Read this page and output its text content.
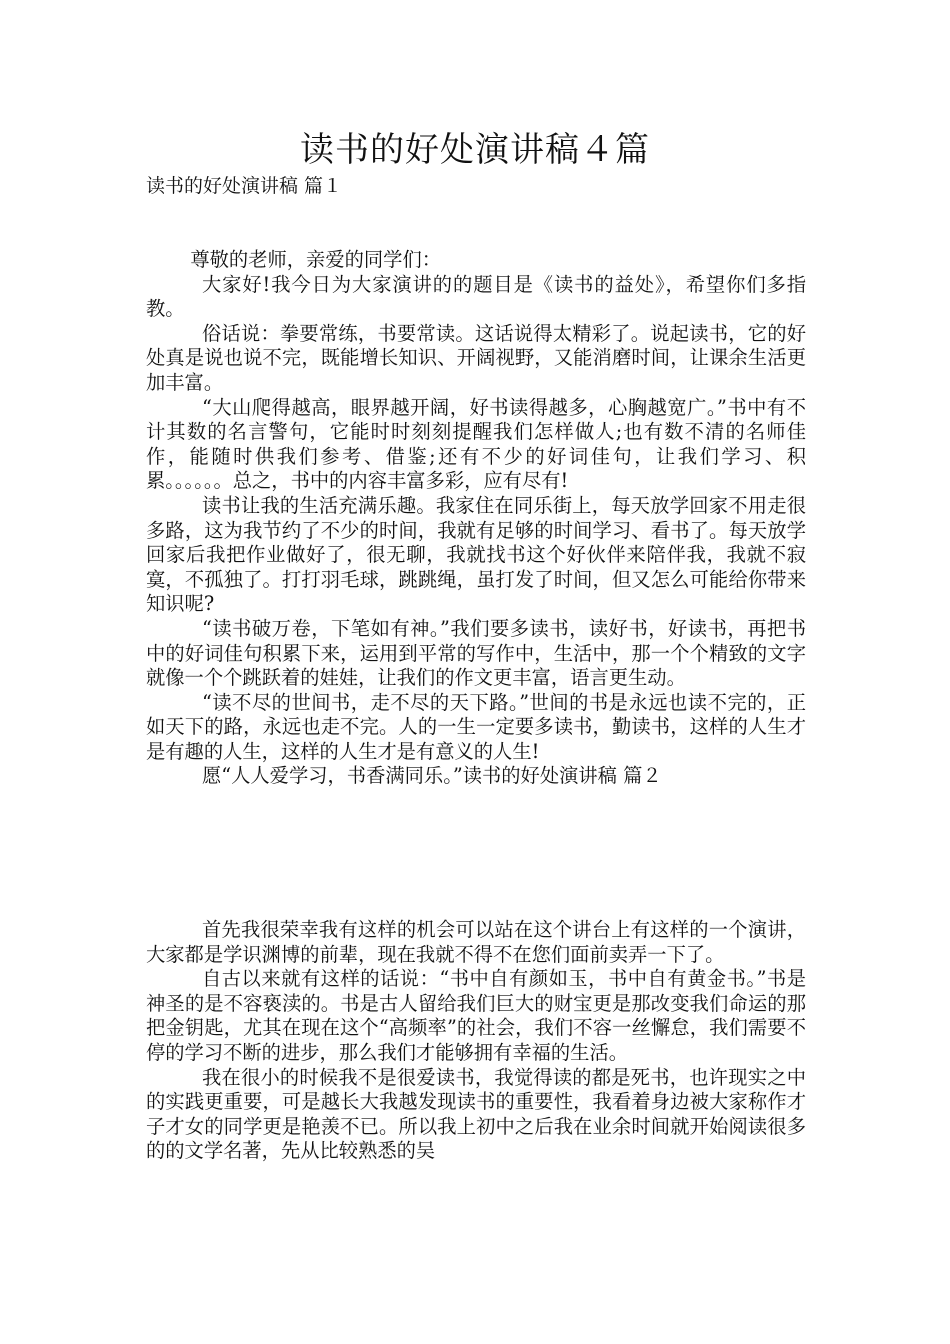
读书的好处演讲稿４篇
读书的好处演讲稿 篇１

尊敬的老师，亲爱的同学们：

大家好!我今日为大家演讲的的题目是《读书的益处》，希望你们多指教。

俗话说：拳要常练，书要常读。这话说得太精彩了。说起读书，它的好处真是说也说不完，既能增长知识、开阔视野，又能消磨时间，让课余生活更加丰富。

“大山爬得越高，眼界越开阔，好书读得越多，心胸越宽广。”书中有不计其数的名言警句，它能时时刻刻提醒我们怎样做人;也有数不清的名师佳作，能随时供我们参考、借鉴;还有不少的好词佳句，让我们学习、积累。。。。。。总之，书中的内容丰富多彩，应有尽有!

读书让我的生活充满乐趣。我家住在同乐街上，每天放学回家不用走很多路，这为我节约了不少的时间，我就有足够的时间学习、看书了。每天放学回家后我把作业做好了，很无聊，我就找书这个好伙伴来陪伴我，我就不寂寞，不孤独了。打打羽毛球，跳跳绳，虽打发了时间，但又怎么可能给你带来知识呢?

“读书破万卷，下笔如有神。”我们要多读书，读好书，好读书，再把书中的好词佳句积累下来，运用到平常的写作中，生活中，那一个个精致的文字就像一个个跳跃着的娃娃，让我们的作文更丰富，语言更生动。

“读不尽的世间书，走不尽的天下路。”世间的书是永远也读不完的，正如天下的路，永远也走不完。人的一生一定要多读书，勤读书，这样的人生才是有趣的人生，这样的人生才是有意义的人生!

愿“人人爱学习，书香满同乐。”读书的好处演讲稿 篇２

首先我很荣幸我有这样的机会可以站在这个讲台上有这样的一个演讲，大家都是学识渊博的前辈，现在我就不得不在您们面前卖弄一下了。

自古以来就有这样的话说：“书中自有颜如玉，书中自有黄金书。”书是神圣的是不容亵渎的。书是古人留给我们巨大的财宝更是那改变我们命运的那把金钥匙，尤其在现在这个“高频率”的社会，我们不容一丝懈怠，我们需要不停的学习不断的进步，那么我们才能够拥有幸福的生活。

我在很小的时候我不是很爱读书，我觉得读的都是死书，也许现实之中的实践更重要，可是越长大我越发现读书的重要性，我看着身边被大家称作才子才女的同学更是艳羡不已。所以我上初中之后我在业余时间就开始阅读很多的的文学名著，先从比较熟悉的吴
